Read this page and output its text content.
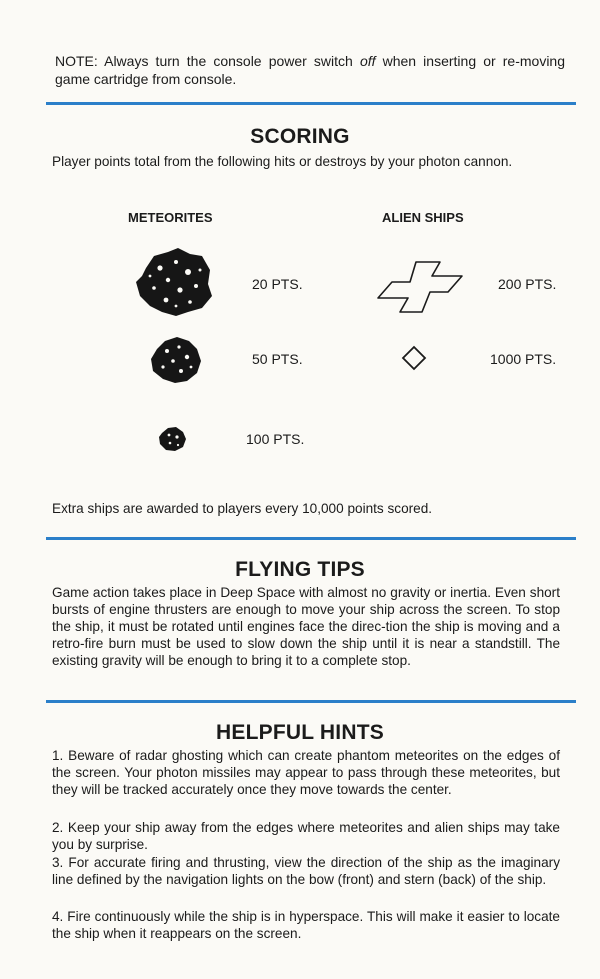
NOTE: Always turn the console power switch off when inserting or re-moving game cartridge from console.
SCORING
Player points total from the following hits or destroys by your photon cannon.
METEORITES	ALIEN SHIPS
20 PTS.
50 PTS.
100 PTS.
200 PTS.
1000 PTS.
Extra ships are awarded to players every 10,000 points scored.
FLYING TIPS
Game action takes place in Deep Space with almost no gravity or inertia. Even short bursts of engine thrusters are enough to move your ship across the screen. To stop the ship, it must be rotated until engines face the direc-tion the ship is moving and a retro-fire burn must be used to slow down the ship until it is near a standstill. The existing gravity will be enough to bring it to a complete stop.
HELPFUL HINTS
1. Beware of radar ghosting which can create phantom meteorites on the edges of the screen. Your photon missiles may appear to pass through these meteorites, but they will be tracked accurately once they move towards the center.
2. Keep your ship away from the edges where meteorites and alien ships may take you by surprise.
3. For accurate firing and thrusting, view the direction of the ship as the imaginary line defined by the navigation lights on the bow (front) and stern (back) of the ship.
4. Fire continuously while the ship is in hyperspace. This will make it easier to locate the ship when it reappears on the screen.
